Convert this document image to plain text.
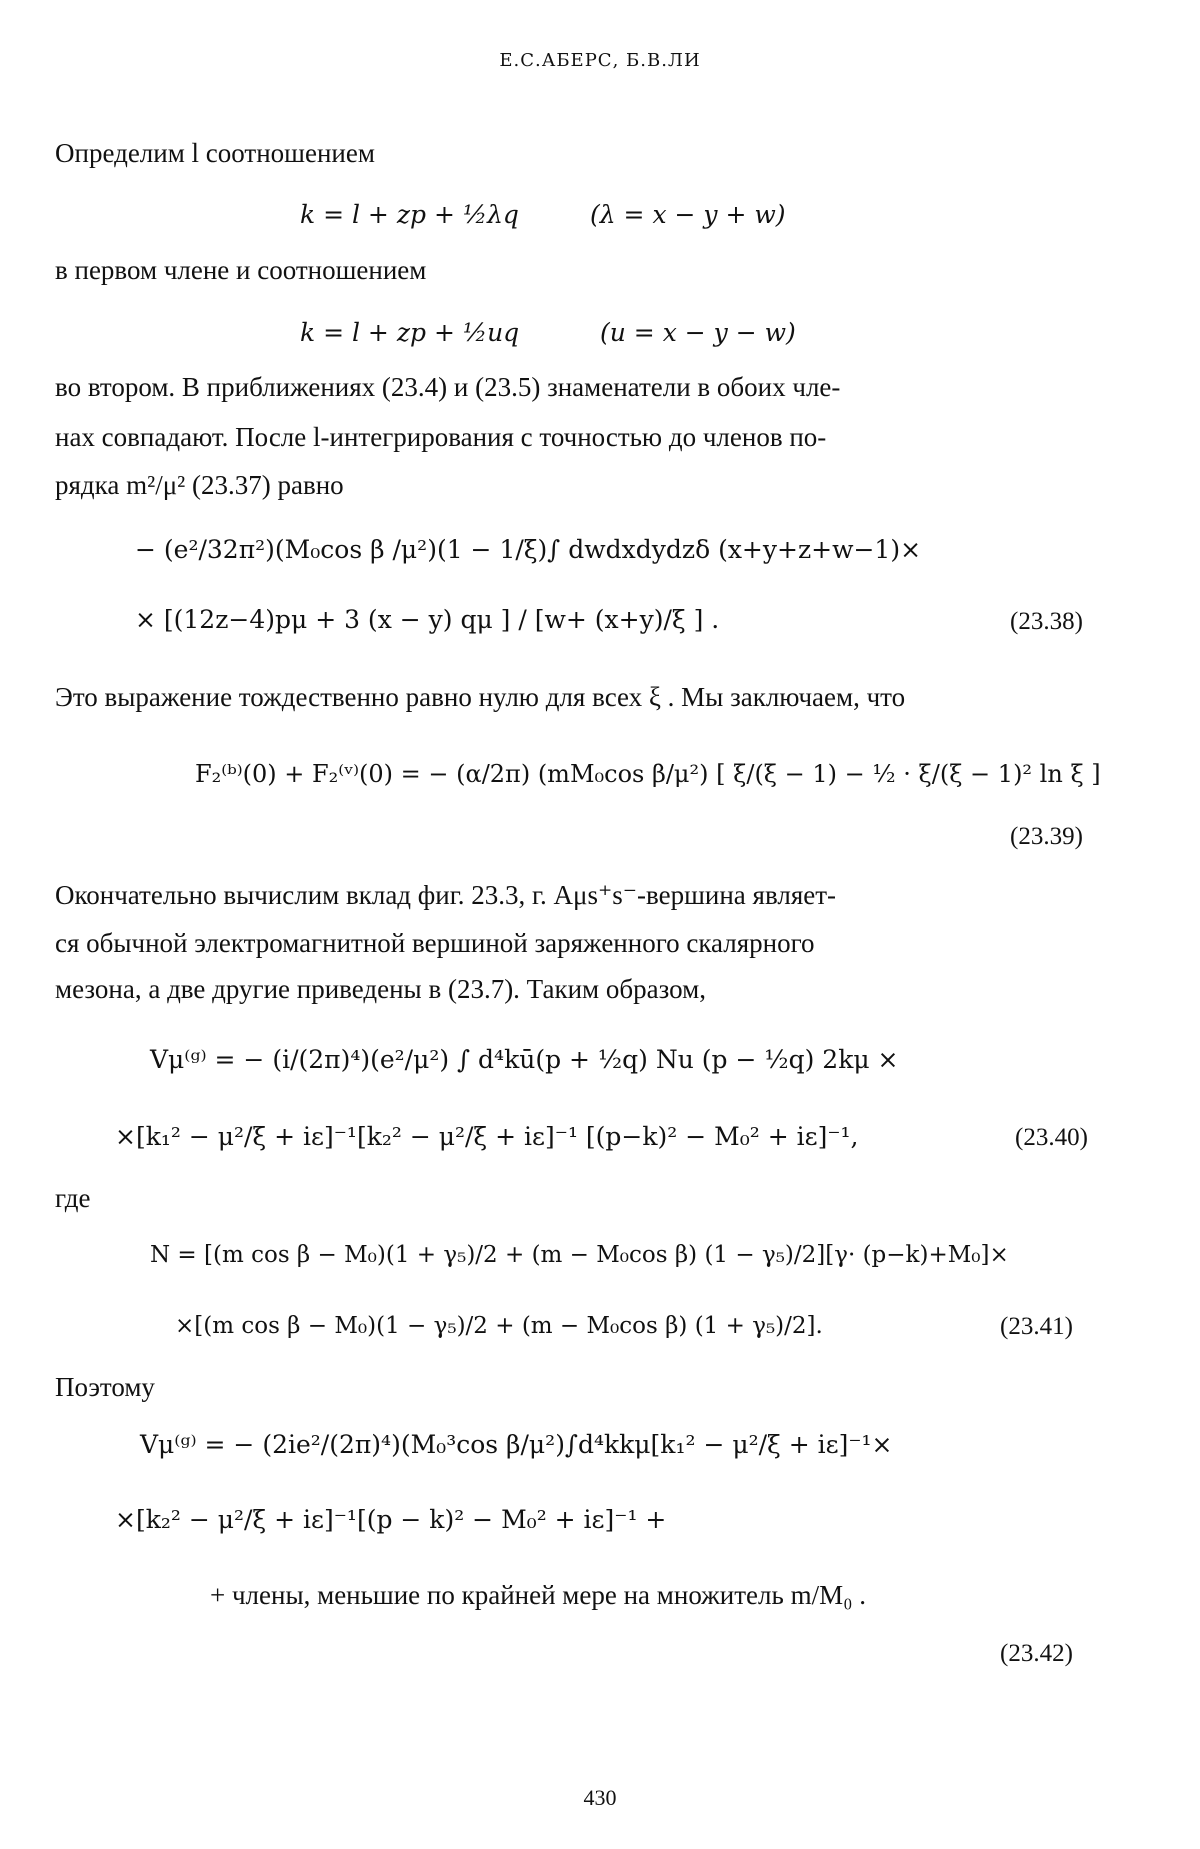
Е.С.АБЕРС, Б.В.ЛИ
Определим l соотношением
k = l + zp + ½λq	(λ = x − y + w)
в первом члене и соотношением
k = l + zp + ½uq	(u = x − y − w)
во втором. В приближениях (23.4) и (23.5) знаменатели в обоих чле-
нах совпадают. После l-интегрирования с точностью до членов по-
рядка m²/μ² (23.37) равно
− (e²/32π²)(M₀cos β /μ²)(1 − 1/ξ)∫ dwdxdydzδ (x+y+z+w−1)×
× [(12z−4)pμ + 3 (x − y) qμ ] / [w+ (x+y)/ξ ] .	(23.38)
Это выражение тождественно равно нулю для всех ξ . Мы заключаем, что
F₂⁽ᵇ⁾(0) + F₂⁽ᵛ⁾(0) = − (α/2π) (mM₀cos β/μ²) [ ξ/(ξ − 1) − ½ · ξ/(ξ − 1)² ln ξ ]
(23.39)
Окончательно вычислим вклад фиг. 23.3, г. Aμs⁺s⁻-вершина являет-
ся обычной электромагнитной вершиной заряженного скалярного
мезона, а две другие приведены в (23.7). Таким образом,
Vμ⁽ᵍ⁾ = − (i/(2π)⁴)(e²/μ²) ∫ d⁴kū(p + ½q) Nu (p − ½q) 2kμ ×
×[k₁² − μ²/ξ + iε]⁻¹[k₂² − μ²/ξ + iε]⁻¹ [(p−k)² − M₀² + iε]⁻¹,	(23.40)
где
N = [(m cos β − M₀)(1 + γ₅)/2 + (m − M₀cos β) (1 − γ₅)/2][γ· (p−k)+M₀]×
×[(m cos β − M₀)(1 − γ₅)/2 + (m − M₀cos β) (1 + γ₅)/2].	(23.41)
Поэтому
Vμ⁽ᵍ⁾ = − (2ie²/(2π)⁴)(M₀³cos β/μ²)∫d⁴kkμ[k₁² − μ²/ξ + iε]⁻¹×
×[k₂² − μ²/ξ + iε]⁻¹[(p − k)² − M₀² + iε]⁻¹ +
+ члены, меньшие по крайней мере на множитель m/M₀ .
(23.42)
430
